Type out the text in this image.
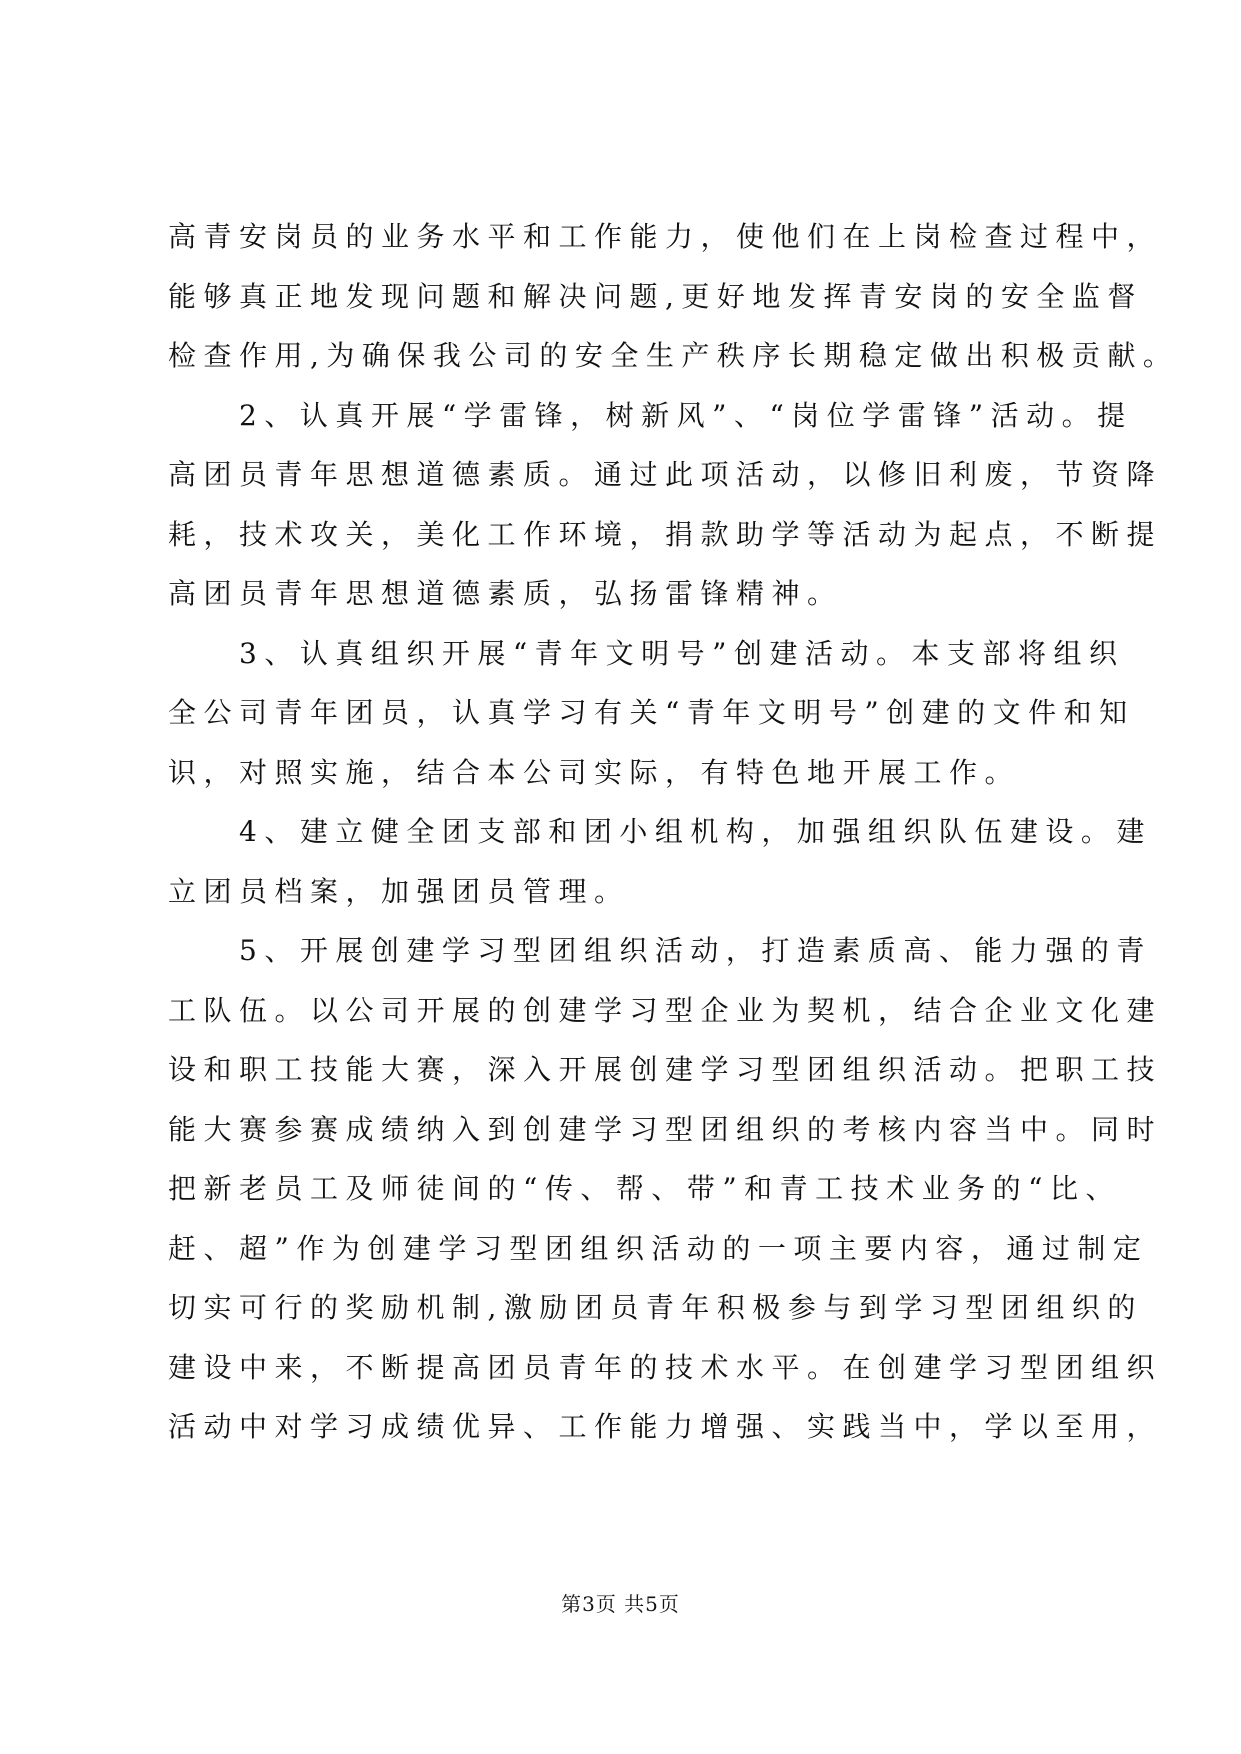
高青安岗员的业务水平和工作能力，使他们在上岗检查过程中，
能够真正地发现问题和解决问题,更好地发挥青安岗的安全监督
检查作用,为确保我公司的安全生产秩序长期稳定做出积极贡献。
　　2、认真开展“学雷锋，树新风”、“岗位学雷锋”活动。提
高团员青年思想道德素质。通过此项活动，以修旧利废，节资降
耗，技术攻关，美化工作环境，捐款助学等活动为起点，不断提
高团员青年思想道德素质，弘扬雷锋精神。
　　3、认真组织开展“青年文明号”创建活动。本支部将组织
全公司青年团员，认真学习有关“青年文明号”创建的文件和知
识，对照实施，结合本公司实际，有特色地开展工作。
　　4、建立健全团支部和团小组机构，加强组织队伍建设。建
立团员档案，加强团员管理。
　　5、开展创建学习型团组织活动，打造素质高、能力强的青
工队伍。以公司开展的创建学习型企业为契机，结合企业文化建
设和职工技能大赛，深入开展创建学习型团组织活动。把职工技
能大赛参赛成绩纳入到创建学习型团组织的考核内容当中。同时
把新老员工及师徒间的“传、帮、带”和青工技术业务的“比、
赶、超”作为创建学习型团组织活动的一项主要内容，通过制定
切实可行的奖励机制,激励团员青年积极参与到学习型团组织的
建设中来，不断提高团员青年的技术水平。在创建学习型团组织
活动中对学习成绩优异、工作能力增强、实践当中，学以至用，
第3页 共5页
